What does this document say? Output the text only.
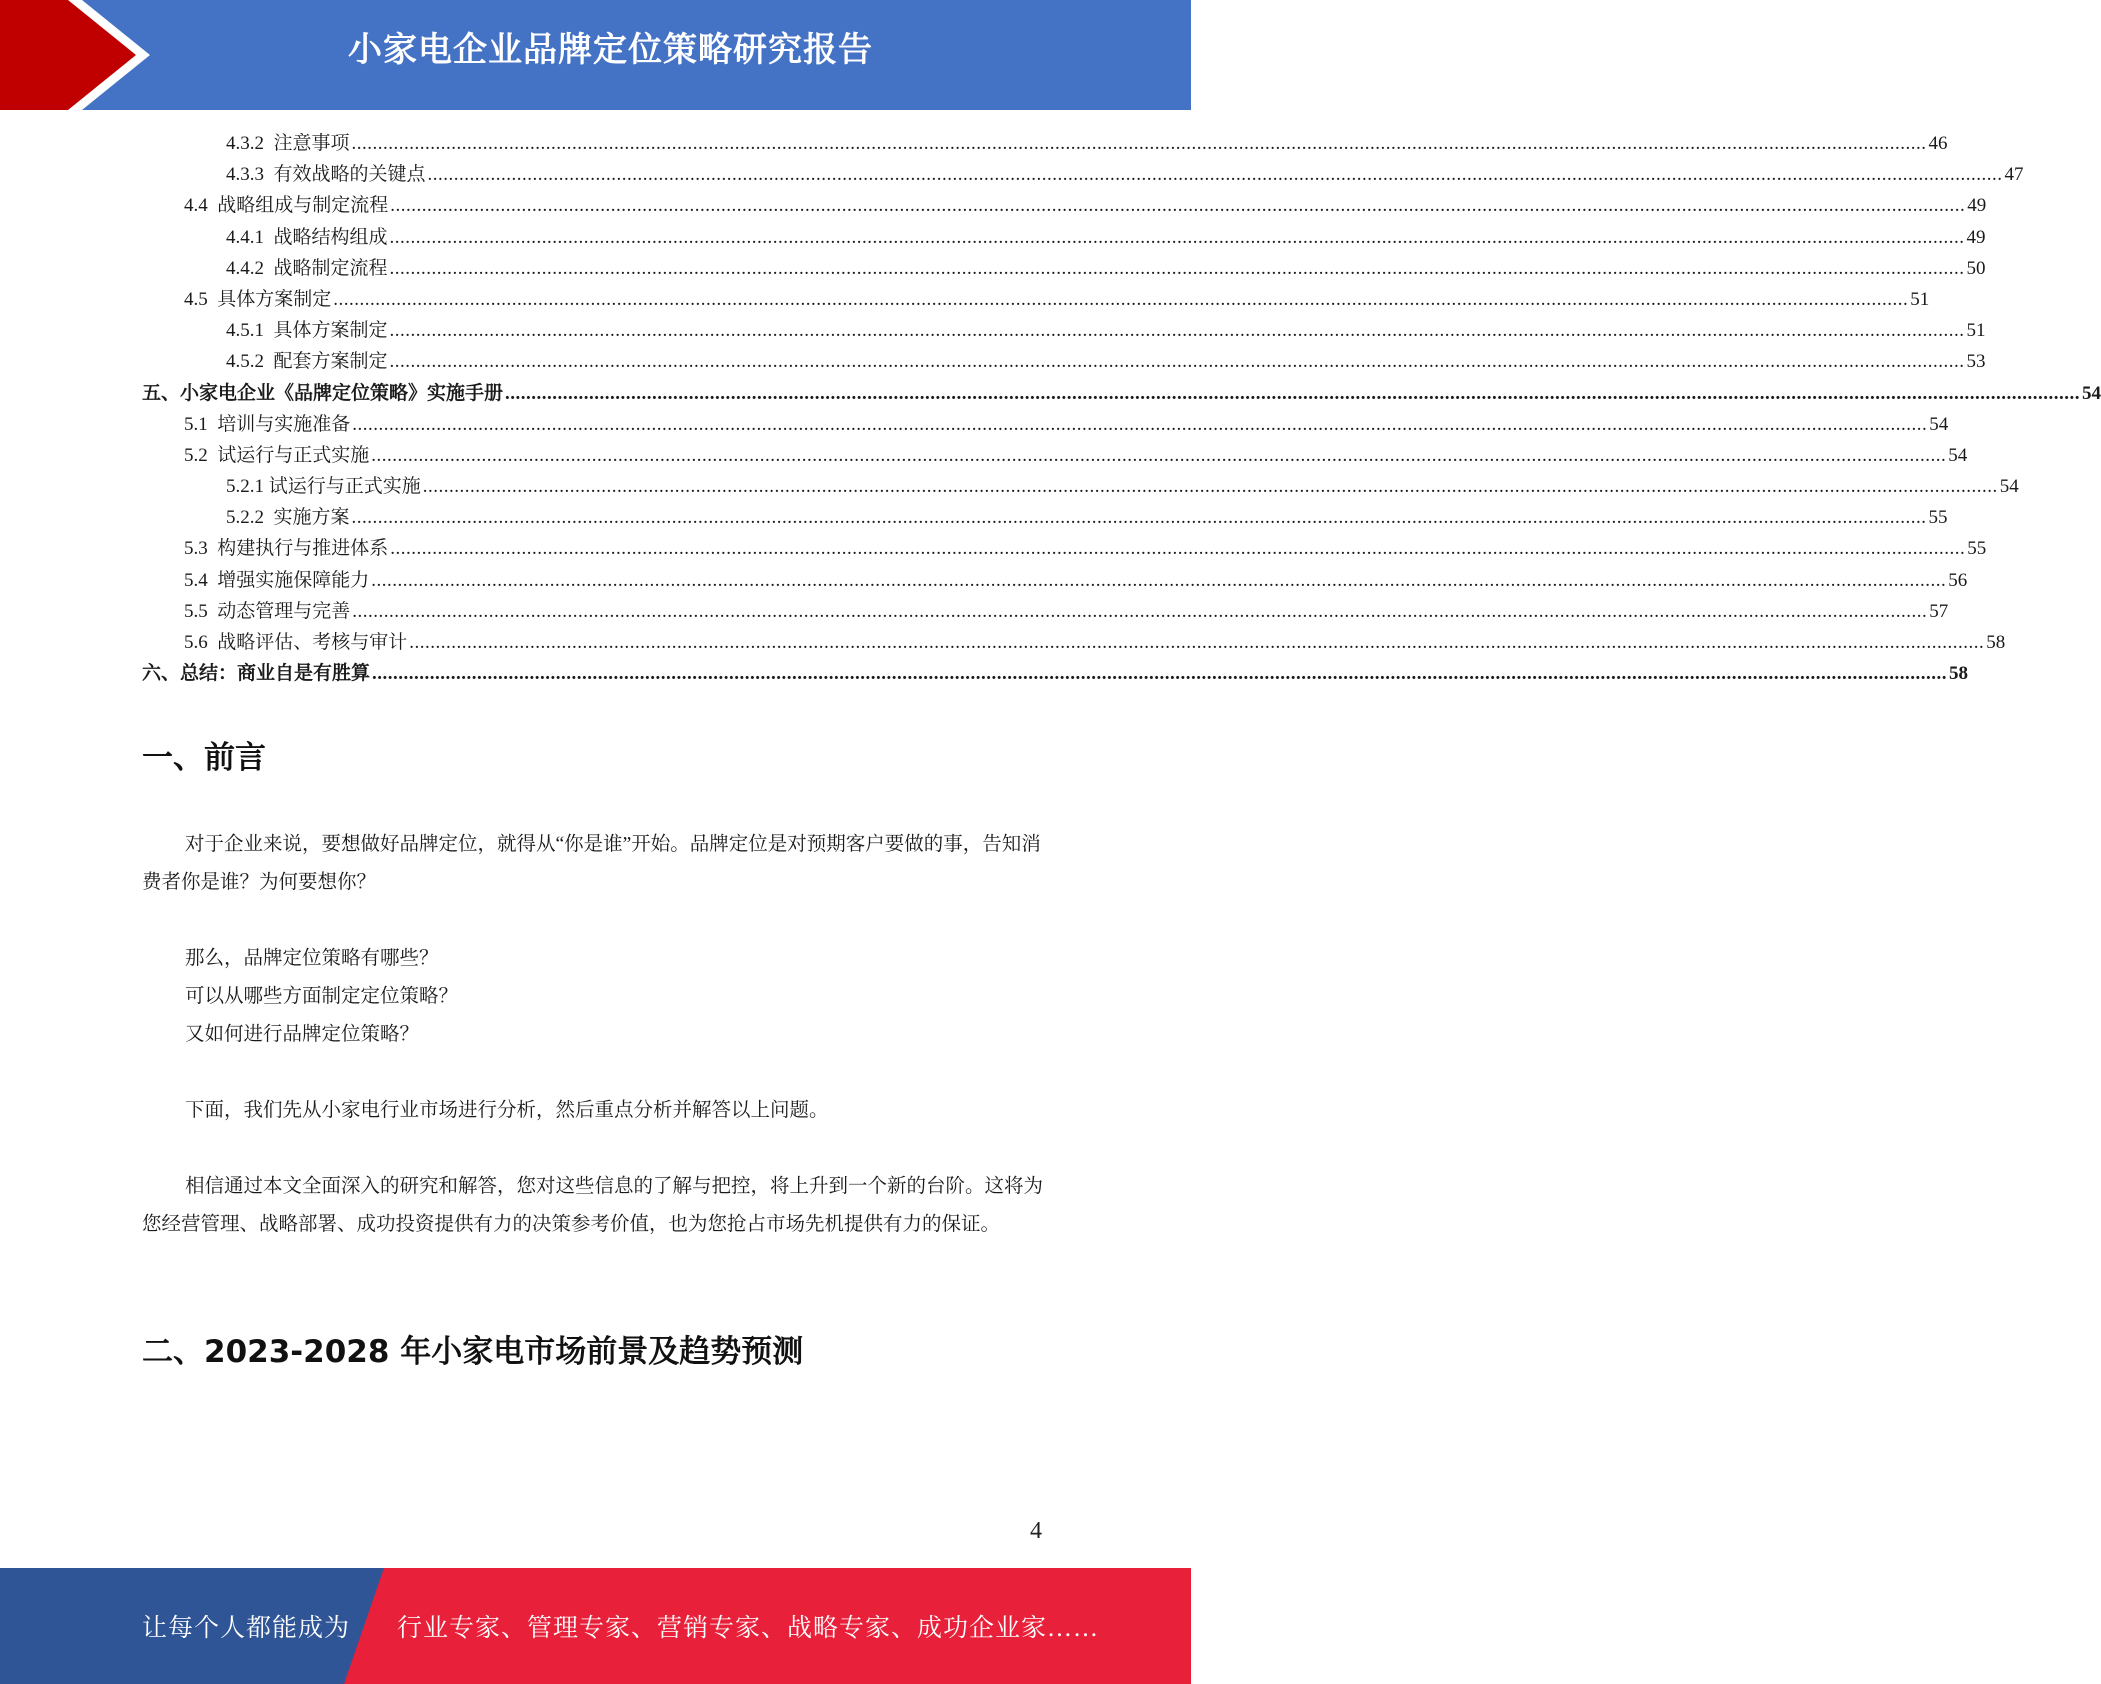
小家电企业品牌定位策略研究报告
4.3.2  注意事项 ............................................................................................................................................................................................................................................................................................................ 46
4.3.3  有效战略的关键点 ............................................................................................................................................................................................................................................................................................................ 47
4.4  战略组成与制定流程 ............................................................................................................................................................................................................................................................................................................ 49
4.4.1  战略结构组成 ............................................................................................................................................................................................................................................................................................................ 49
4.4.2  战略制定流程 ............................................................................................................................................................................................................................................................................................................ 50
4.5  具体方案制定 ............................................................................................................................................................................................................................................................................................................ 51
4.5.1  具体方案制定 ............................................................................................................................................................................................................................................................................................................ 51
4.5.2  配套方案制定 ............................................................................................................................................................................................................................................................................................................ 53
五、小家电企业《品牌定位策略》实施手册 ............................................................................................................................................................................................................................................................................................................ 54
5.1  培训与实施准备 ............................................................................................................................................................................................................................................................................................................ 54
5.2  试运行与正式实施 ............................................................................................................................................................................................................................................................................................................ 54
5.2.1 试运行与正式实施 ............................................................................................................................................................................................................................................................................................................ 54
5.2.2  实施方案 ............................................................................................................................................................................................................................................................................................................ 55
5.3  构建执行与推进体系 ............................................................................................................................................................................................................................................................................................................ 55
5.4  增强实施保障能力 ............................................................................................................................................................................................................................................................................................................ 56
5.5  动态管理与完善 ............................................................................................................................................................................................................................................................................................................ 57
5.6  战略评估、考核与审计 ............................................................................................................................................................................................................................................................................................................ 58
六、总结：商业自是有胜算 ............................................................................................................................................................................................................................................................................................................ 58
一、前言
对于企业来说，要想做好品牌定位，就得从“你是谁”开始。品牌定位是对预期客户要做的事，告知消费者你是谁？为何要想你？
那么，品牌定位策略有哪些？
可以从哪些方面制定定位策略？
又如何进行品牌定位策略？
下面，我们先从小家电行业市场进行分析，然后重点分析并解答以上问题。
相信通过本文全面深入的研究和解答，您对这些信息的了解与把控，将上升到一个新的台阶。这将为您经营管理、战略部署、成功投资提供有力的决策参考价值，也为您抢占市场先机提供有力的保证。
二、2023-2028 年小家电市场前景及趋势预测
4
让每个人都能成为 行业专家、管理专家、营销专家、战略专家、成功企业家……
